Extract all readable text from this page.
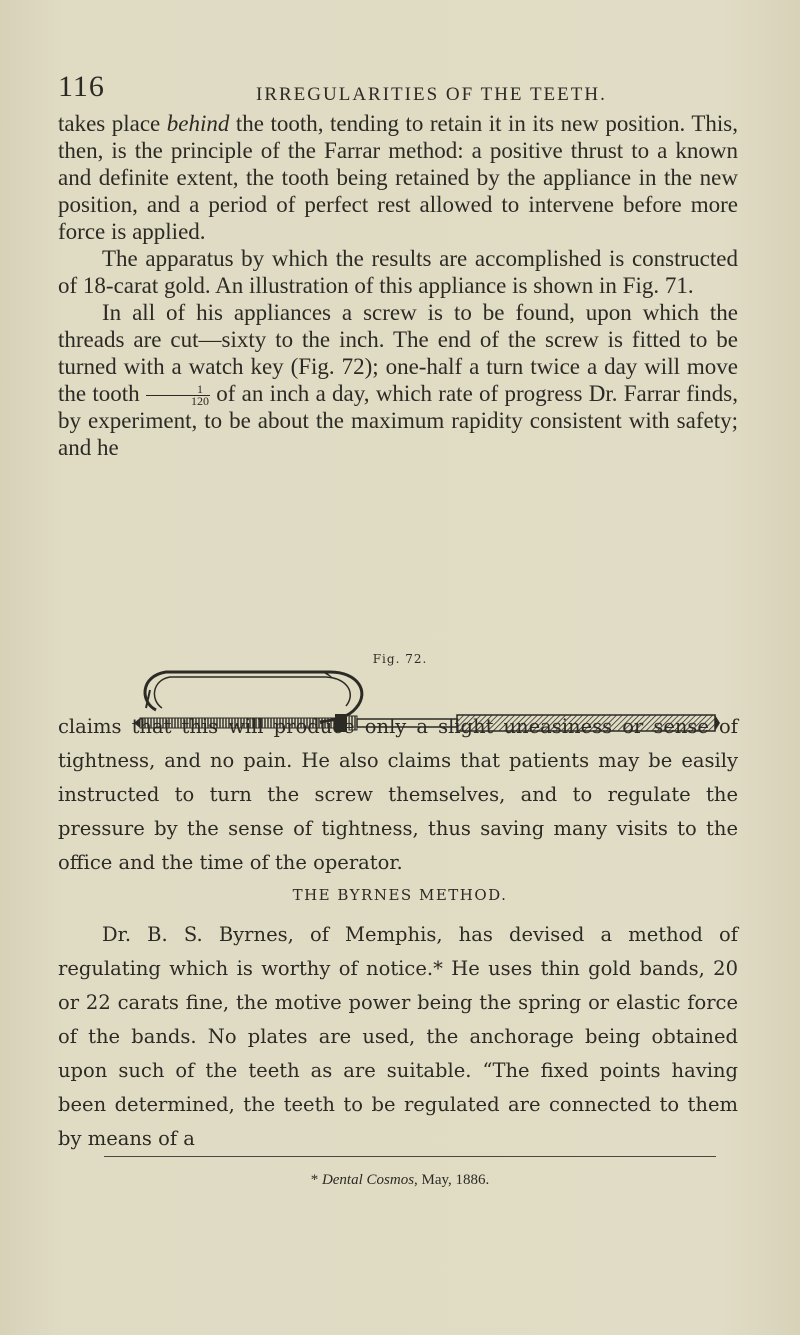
116	IRREGULARITIES OF THE TEETH.

takes place behind the tooth, tending to retain it in its new position. This, then, is the principle of the Farrar method: a positive thrust to a known and definite extent, the tooth being retained by the appliance in the new position, and a period of perfect rest allowed to intervene before more force is applied.

The apparatus by which the results are accomplished is constructed of 18-carat gold. An illustration of this appliance is shown in Fig. 71.

In all of his appliances a screw is to be found, upon which the threads are cut—sixty to the inch. The end of the screw is fitted to be turned with a watch key (Fig. 72); one-half a turn twice a day will move the tooth $\frac{1}{120}$ of an inch a day, which rate of progress Dr. Farrar finds, by experiment, to be about the maximum rapidity consistent with safety; and he

Fig. 72.

claims that this will produce only a slight uneasiness or sense of tightness, and no pain. He also claims that patients may be easily instructed to turn the screw themselves, and to regulate the pressure by the sense of tightness, thus saving many visits to the office and the time of the operator.

THE BYRNES METHOD.

Dr. B. S. Byrnes, of Memphis, has devised a method of regulating which is worthy of notice.* He uses thin gold bands, 20 or 22 carats fine, the motive power being the spring or elastic force of the bands. No plates are used, the anchorage being obtained upon such of the teeth as are suitable. “The fixed points having been determined, the teeth to be regulated are connected to them by means of a

* Dental Cosmos, May, 1886.
